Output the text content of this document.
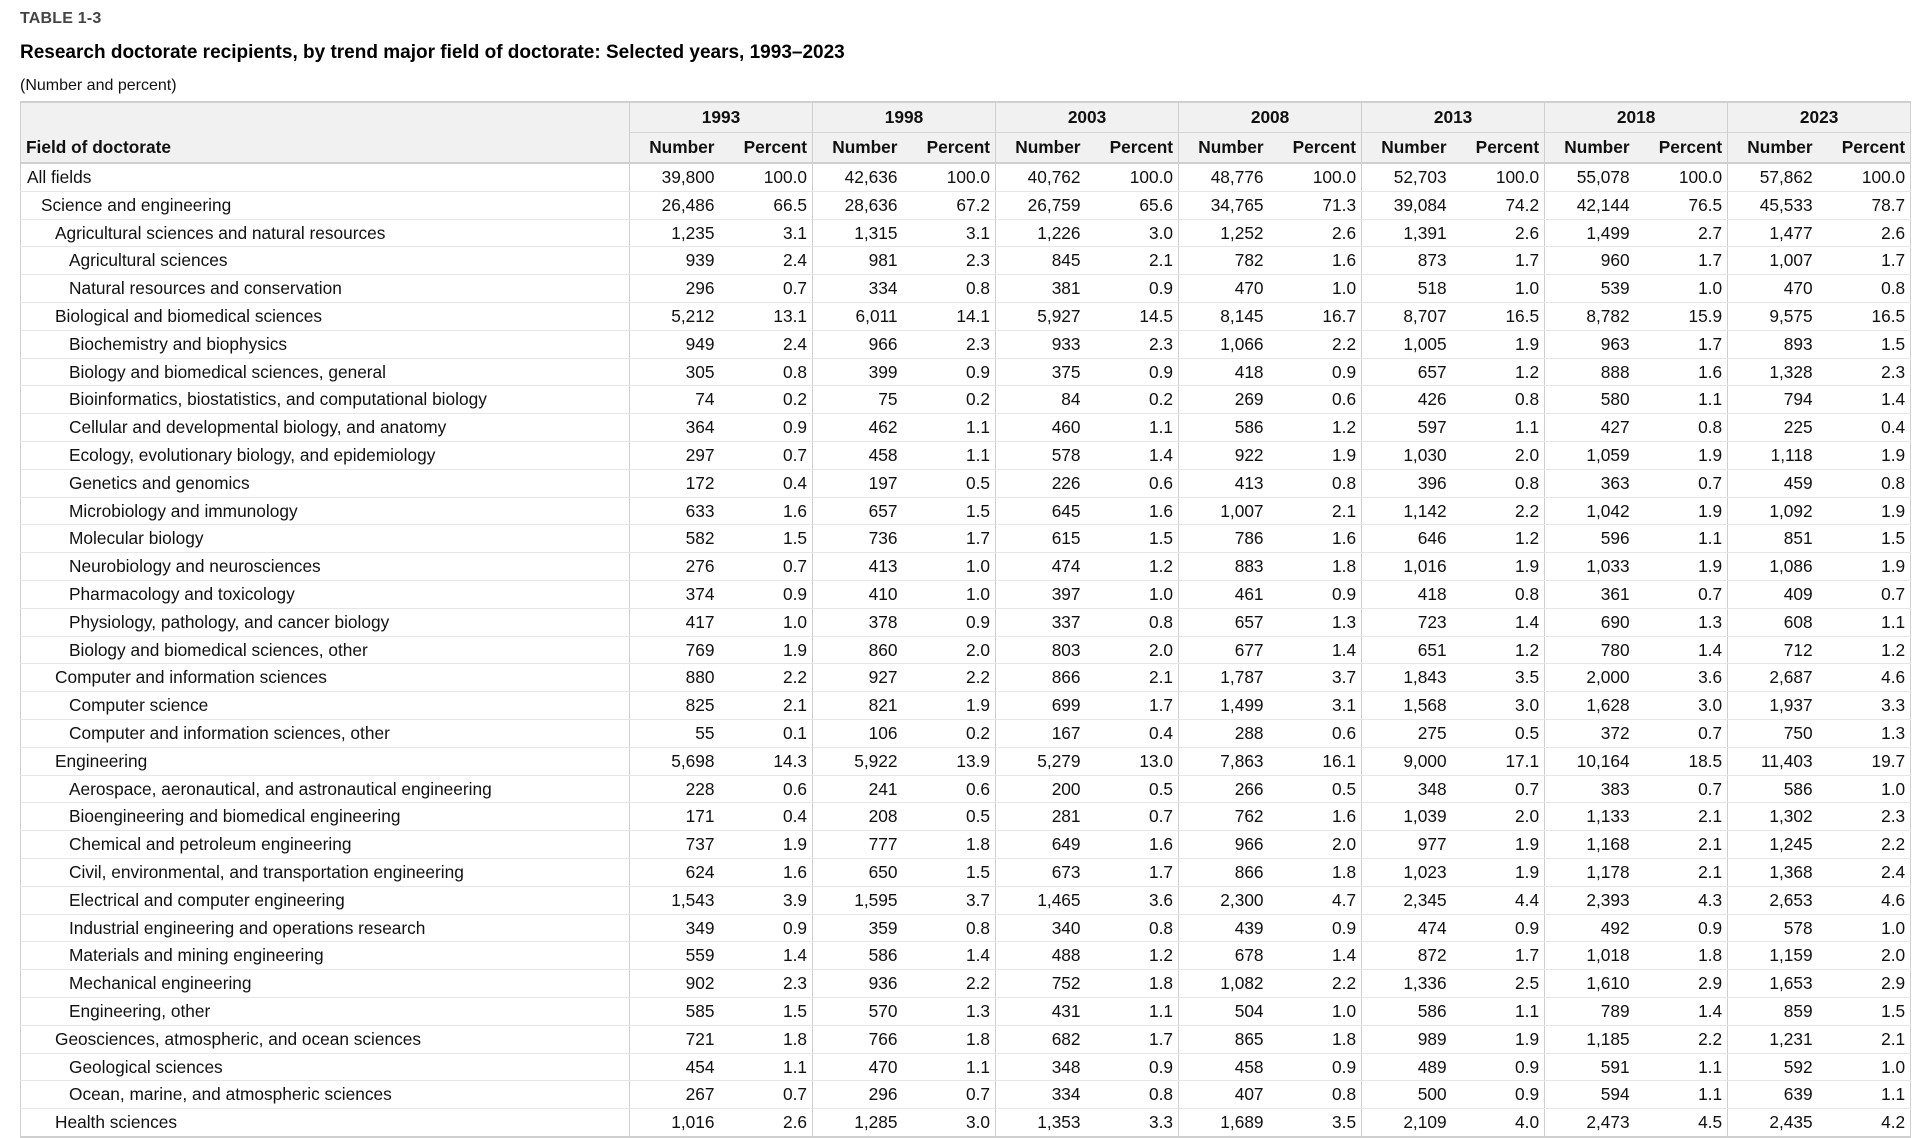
TABLE 1-3
Research doctorate recipients, by trend major field of doctorate: Selected years, 1993–2023
(Number and percent)
	1993		1998		2003		2008		2013		2018		2023	
Field of doctorate	Number	Percent	Number	Percent	Number	Percent	Number	Percent	Number	Percent	Number	Percent	Number	Percent
All fields	39,800	100.0	42,636	100.0	40,762	100.0	48,776	100.0	52,703	100.0	55,078	100.0	57,862	100.0
Science and engineering	26,486	66.5	28,636	67.2	26,759	65.6	34,765	71.3	39,084	74.2	42,144	76.5	45,533	78.7
Agricultural sciences and natural resources	1,235	3.1	1,315	3.1	1,226	3.0	1,252	2.6	1,391	2.6	1,499	2.7	1,477	2.6
Agricultural sciences	939	2.4	981	2.3	845	2.1	782	1.6	873	1.7	960	1.7	1,007	1.7
Natural resources and conservation	296	0.7	334	0.8	381	0.9	470	1.0	518	1.0	539	1.0	470	0.8
Biological and biomedical sciences	5,212	13.1	6,011	14.1	5,927	14.5	8,145	16.7	8,707	16.5	8,782	15.9	9,575	16.5
Biochemistry and biophysics	949	2.4	966	2.3	933	2.3	1,066	2.2	1,005	1.9	963	1.7	893	1.5
Biology and biomedical sciences, general	305	0.8	399	0.9	375	0.9	418	0.9	657	1.2	888	1.6	1,328	2.3
Bioinformatics, biostatistics, and computational biology	74	0.2	75	0.2	84	0.2	269	0.6	426	0.8	580	1.1	794	1.4
Cellular and developmental biology, and anatomy	364	0.9	462	1.1	460	1.1	586	1.2	597	1.1	427	0.8	225	0.4
Ecology, evolutionary biology, and epidemiology	297	0.7	458	1.1	578	1.4	922	1.9	1,030	2.0	1,059	1.9	1,118	1.9
Genetics and genomics	172	0.4	197	0.5	226	0.6	413	0.8	396	0.8	363	0.7	459	0.8
Microbiology and immunology	633	1.6	657	1.5	645	1.6	1,007	2.1	1,142	2.2	1,042	1.9	1,092	1.9
Molecular biology	582	1.5	736	1.7	615	1.5	786	1.6	646	1.2	596	1.1	851	1.5
Neurobiology and neurosciences	276	0.7	413	1.0	474	1.2	883	1.8	1,016	1.9	1,033	1.9	1,086	1.9
Pharmacology and toxicology	374	0.9	410	1.0	397	1.0	461	0.9	418	0.8	361	0.7	409	0.7
Physiology, pathology, and cancer biology	417	1.0	378	0.9	337	0.8	657	1.3	723	1.4	690	1.3	608	1.1
Biology and biomedical sciences, other	769	1.9	860	2.0	803	2.0	677	1.4	651	1.2	780	1.4	712	1.2
Computer and information sciences	880	2.2	927	2.2	866	2.1	1,787	3.7	1,843	3.5	2,000	3.6	2,687	4.6
Computer science	825	2.1	821	1.9	699	1.7	1,499	3.1	1,568	3.0	1,628	3.0	1,937	3.3
Computer and information sciences, other	55	0.1	106	0.2	167	0.4	288	0.6	275	0.5	372	0.7	750	1.3
Engineering	5,698	14.3	5,922	13.9	5,279	13.0	7,863	16.1	9,000	17.1	10,164	18.5	11,403	19.7
Aerospace, aeronautical, and astronautical engineering	228	0.6	241	0.6	200	0.5	266	0.5	348	0.7	383	0.7	586	1.0
Bioengineering and biomedical engineering	171	0.4	208	0.5	281	0.7	762	1.6	1,039	2.0	1,133	2.1	1,302	2.3
Chemical and petroleum engineering	737	1.9	777	1.8	649	1.6	966	2.0	977	1.9	1,168	2.1	1,245	2.2
Civil, environmental, and transportation engineering	624	1.6	650	1.5	673	1.7	866	1.8	1,023	1.9	1,178	2.1	1,368	2.4
Electrical and computer engineering	1,543	3.9	1,595	3.7	1,465	3.6	2,300	4.7	2,345	4.4	2,393	4.3	2,653	4.6
Industrial engineering and operations research	349	0.9	359	0.8	340	0.8	439	0.9	474	0.9	492	0.9	578	1.0
Materials and mining engineering	559	1.4	586	1.4	488	1.2	678	1.4	872	1.7	1,018	1.8	1,159	2.0
Mechanical engineering	902	2.3	936	2.2	752	1.8	1,082	2.2	1,336	2.5	1,610	2.9	1,653	2.9
Engineering, other	585	1.5	570	1.3	431	1.1	504	1.0	586	1.1	789	1.4	859	1.5
Geosciences, atmospheric, and ocean sciences	721	1.8	766	1.8	682	1.7	865	1.8	989	1.9	1,185	2.2	1,231	2.1
Geological sciences	454	1.1	470	1.1	348	0.9	458	0.9	489	0.9	591	1.1	592	1.0
Ocean, marine, and atmospheric sciences	267	0.7	296	0.7	334	0.8	407	0.8	500	0.9	594	1.1	639	1.1
Health sciences	1,016	2.6	1,285	3.0	1,353	3.3	1,689	3.5	2,109	4.0	2,473	4.5	2,435	4.2
